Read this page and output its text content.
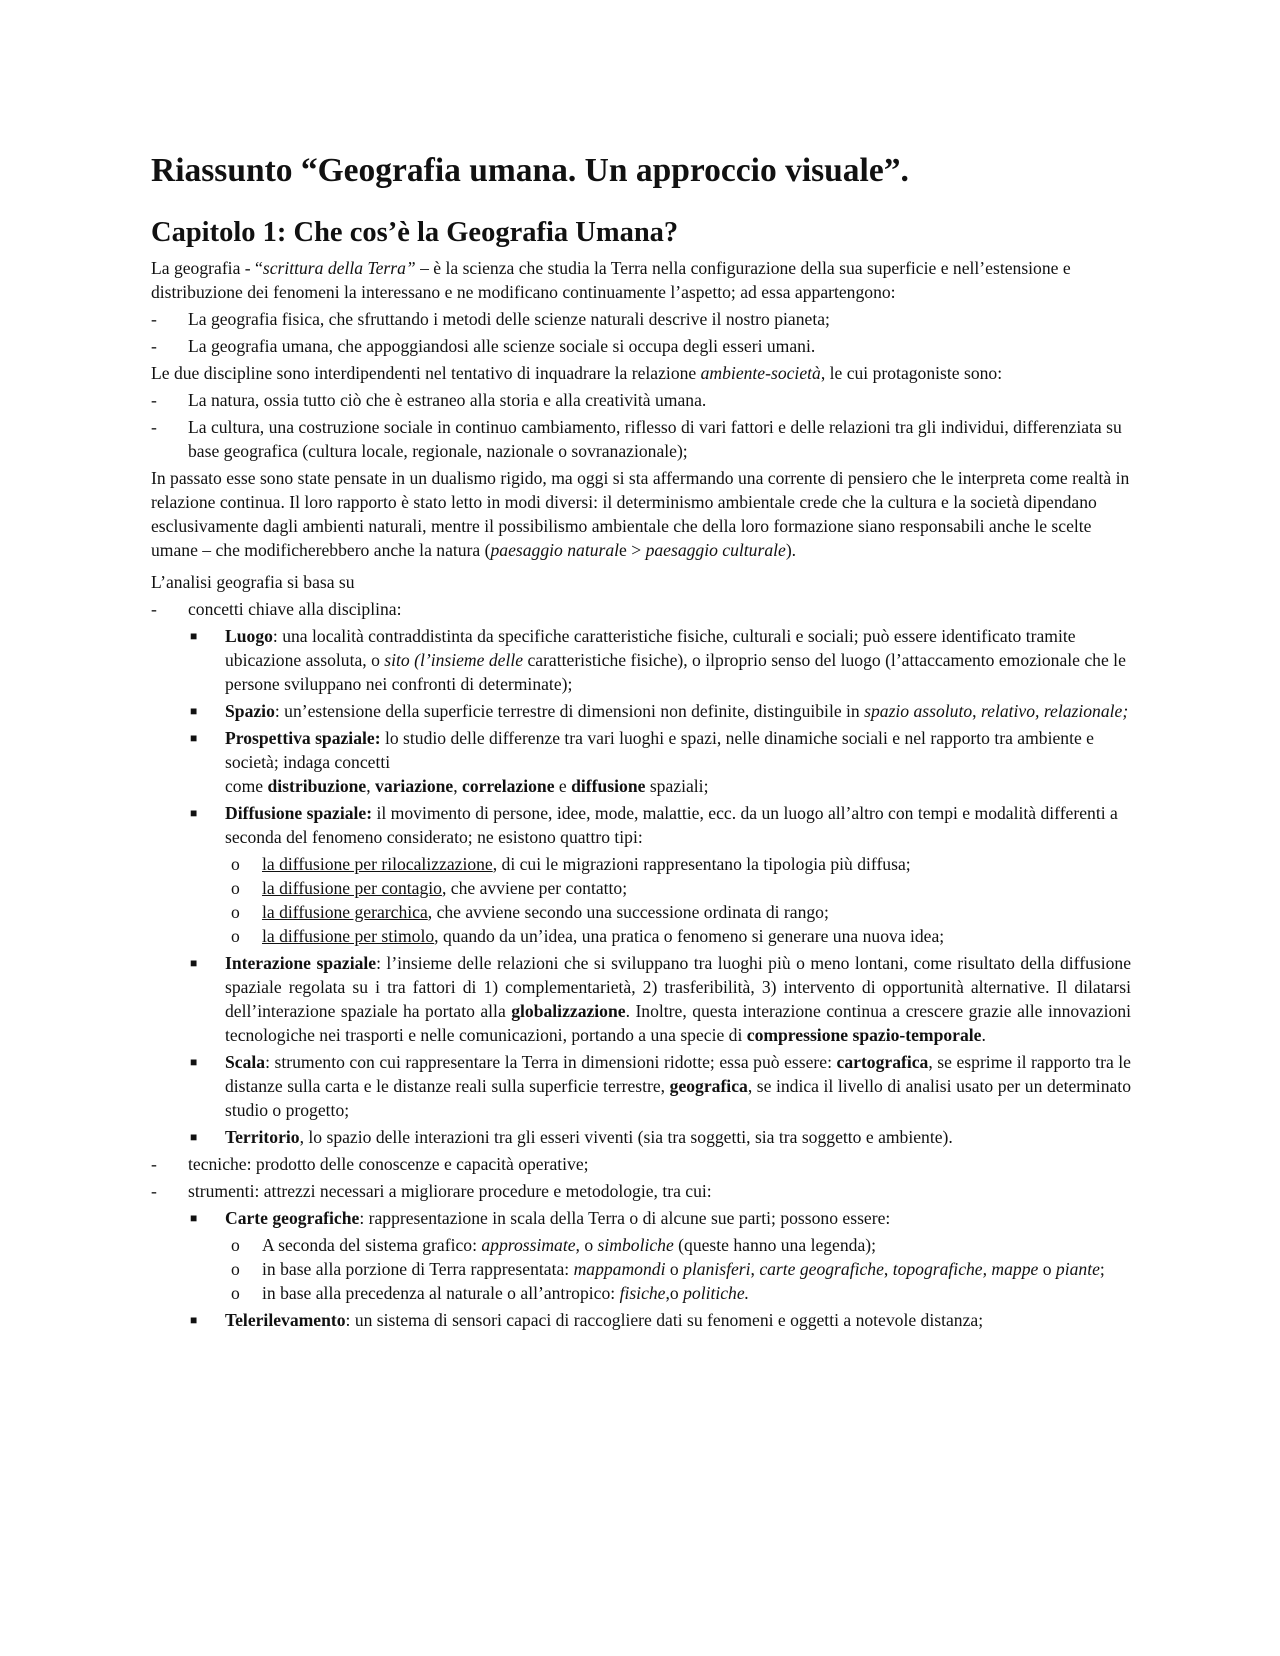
Riassunto “Geografia umana. Un approccio visuale”.
Capitolo 1: Che cos’è la Geografia Umana?

La geografia - “scrittura della Terra” – è la scienza che studia la Terra nella configurazione della sua superficie e nell’estensione e distribuzione dei fenomeni la interessano e ne modificano continuamente l’aspetto; ad essa appartengono:

- La geografia fisica, che sfruttando i metodi delle scienze naturali descrive il nostro pianeta;
- La geografia umana, che appoggiandosi alle scienze sociale si occupa degli esseri umani.

Le due discipline sono interdipendenti nel tentativo di inquadrare la relazione ambiente-società, le cui protagoniste sono:

- La natura, ossia tutto ciò che è estraneo alla storia e alla creatività umana.
- La cultura, una costruzione sociale in continuo cambiamento, riflesso di vari fattori e delle relazioni tra gli individui, differenziata su base geografica (cultura locale, regionale, nazionale o sovranazionale);

In passato esse sono state pensate in un dualismo rigido, ma oggi si sta affermando una corrente di pensiero che le interpreta come realtà in relazione continua. Il loro rapporto è stato letto in modi diversi: il determinismo ambientale crede che la cultura e la società dipendano esclusivamente dagli ambienti naturali, mentre il possibilismo ambientale che della loro formazione siano responsabili anche le scelte umane – che modificherebbero anche la natura (paesaggio naturale > paesaggio culturale).

L’analisi geografia si basa su

- concetti chiave alla disciplina:
■ Luogo: una località contraddistinta da specifiche caratteristiche fisiche, culturali e sociali; può essere identificato tramite ubicazione assoluta, o sito (l’insieme delle caratteristiche fisiche), o ilproprio senso del luogo (l’attaccamento emozionale che le persone sviluppano nei confronti di determinate);
■ Spazio: un’estensione della superficie terrestre di dimensioni non definite, distinguibile in spazio assoluto, relativo, relazionale;
■ Prospettiva spaziale: lo studio delle differenze tra vari luoghi e spazi, nelle dinamiche sociali e nel rapporto tra ambiente e società; indaga concetti
come distribuzione, variazione, correlazione e diffusione spaziali;
■ Diffusione spaziale: il movimento di persone, idee, mode, malattie, ecc. da un luogo all’altro con tempi e modalità differenti a seconda del fenomeno considerato; ne esistono quattro tipi:
o la diffusione per rilocalizzazione, di cui le migrazioni rappresentano la tipologia più diffusa;
o la diffusione per contagio, che avviene per contatto;
o la diffusione gerarchica, che avviene secondo una successione ordinata di rango;
o la diffusione per stimolo, quando da un’idea, una pratica o fenomeno si generare una nuova idea;
■ Interazione spaziale: l’insieme delle relazioni che si sviluppano tra luoghi più o meno lontani, come risultato della diffusione spaziale regolata su i tra fattori di 1) complementarietà, 2) trasferibilità, 3) intervento di opportunità alternative. Il dilatarsi dell’interazione spaziale ha portato alla globalizzazione. Inoltre, questa interazione continua a crescere grazie alle innovazioni tecnologiche nei trasporti e nelle comunicazioni, portando a una specie di compressione spazio-temporale.
■ Scala: strumento con cui rappresentare la Terra in dimensioni ridotte; essa può essere: cartografica, se esprime il rapporto tra le distanze sulla carta e le distanze reali sulla superficie terrestre, geografica, se indica il livello di analisi usato per un determinato studio o progetto;
■ Territorio, lo spazio delle interazioni tra gli esseri viventi (sia tra soggetti, sia tra soggetto e ambiente).
- tecniche: prodotto delle conoscenze e capacità operative;
- strumenti: attrezzi necessari a migliorare procedure e metodologie, tra cui:
■ Carte geografiche: rappresentazione in scala della Terra o di alcune sue parti; possono essere:
o A seconda del sistema grafico: approssimate, o simboliche (queste hanno una legenda);
o in base alla porzione di Terra rappresentata: mappamondi o planisferi, carte geografiche, topografiche, mappe o piante;
o in base alla precedenza al naturale o all’antropico: fisiche,o politiche.
■ Telerilevamento: un sistema di sensori capaci di raccogliere dati su fenomeni e oggetti a notevole distanza;
